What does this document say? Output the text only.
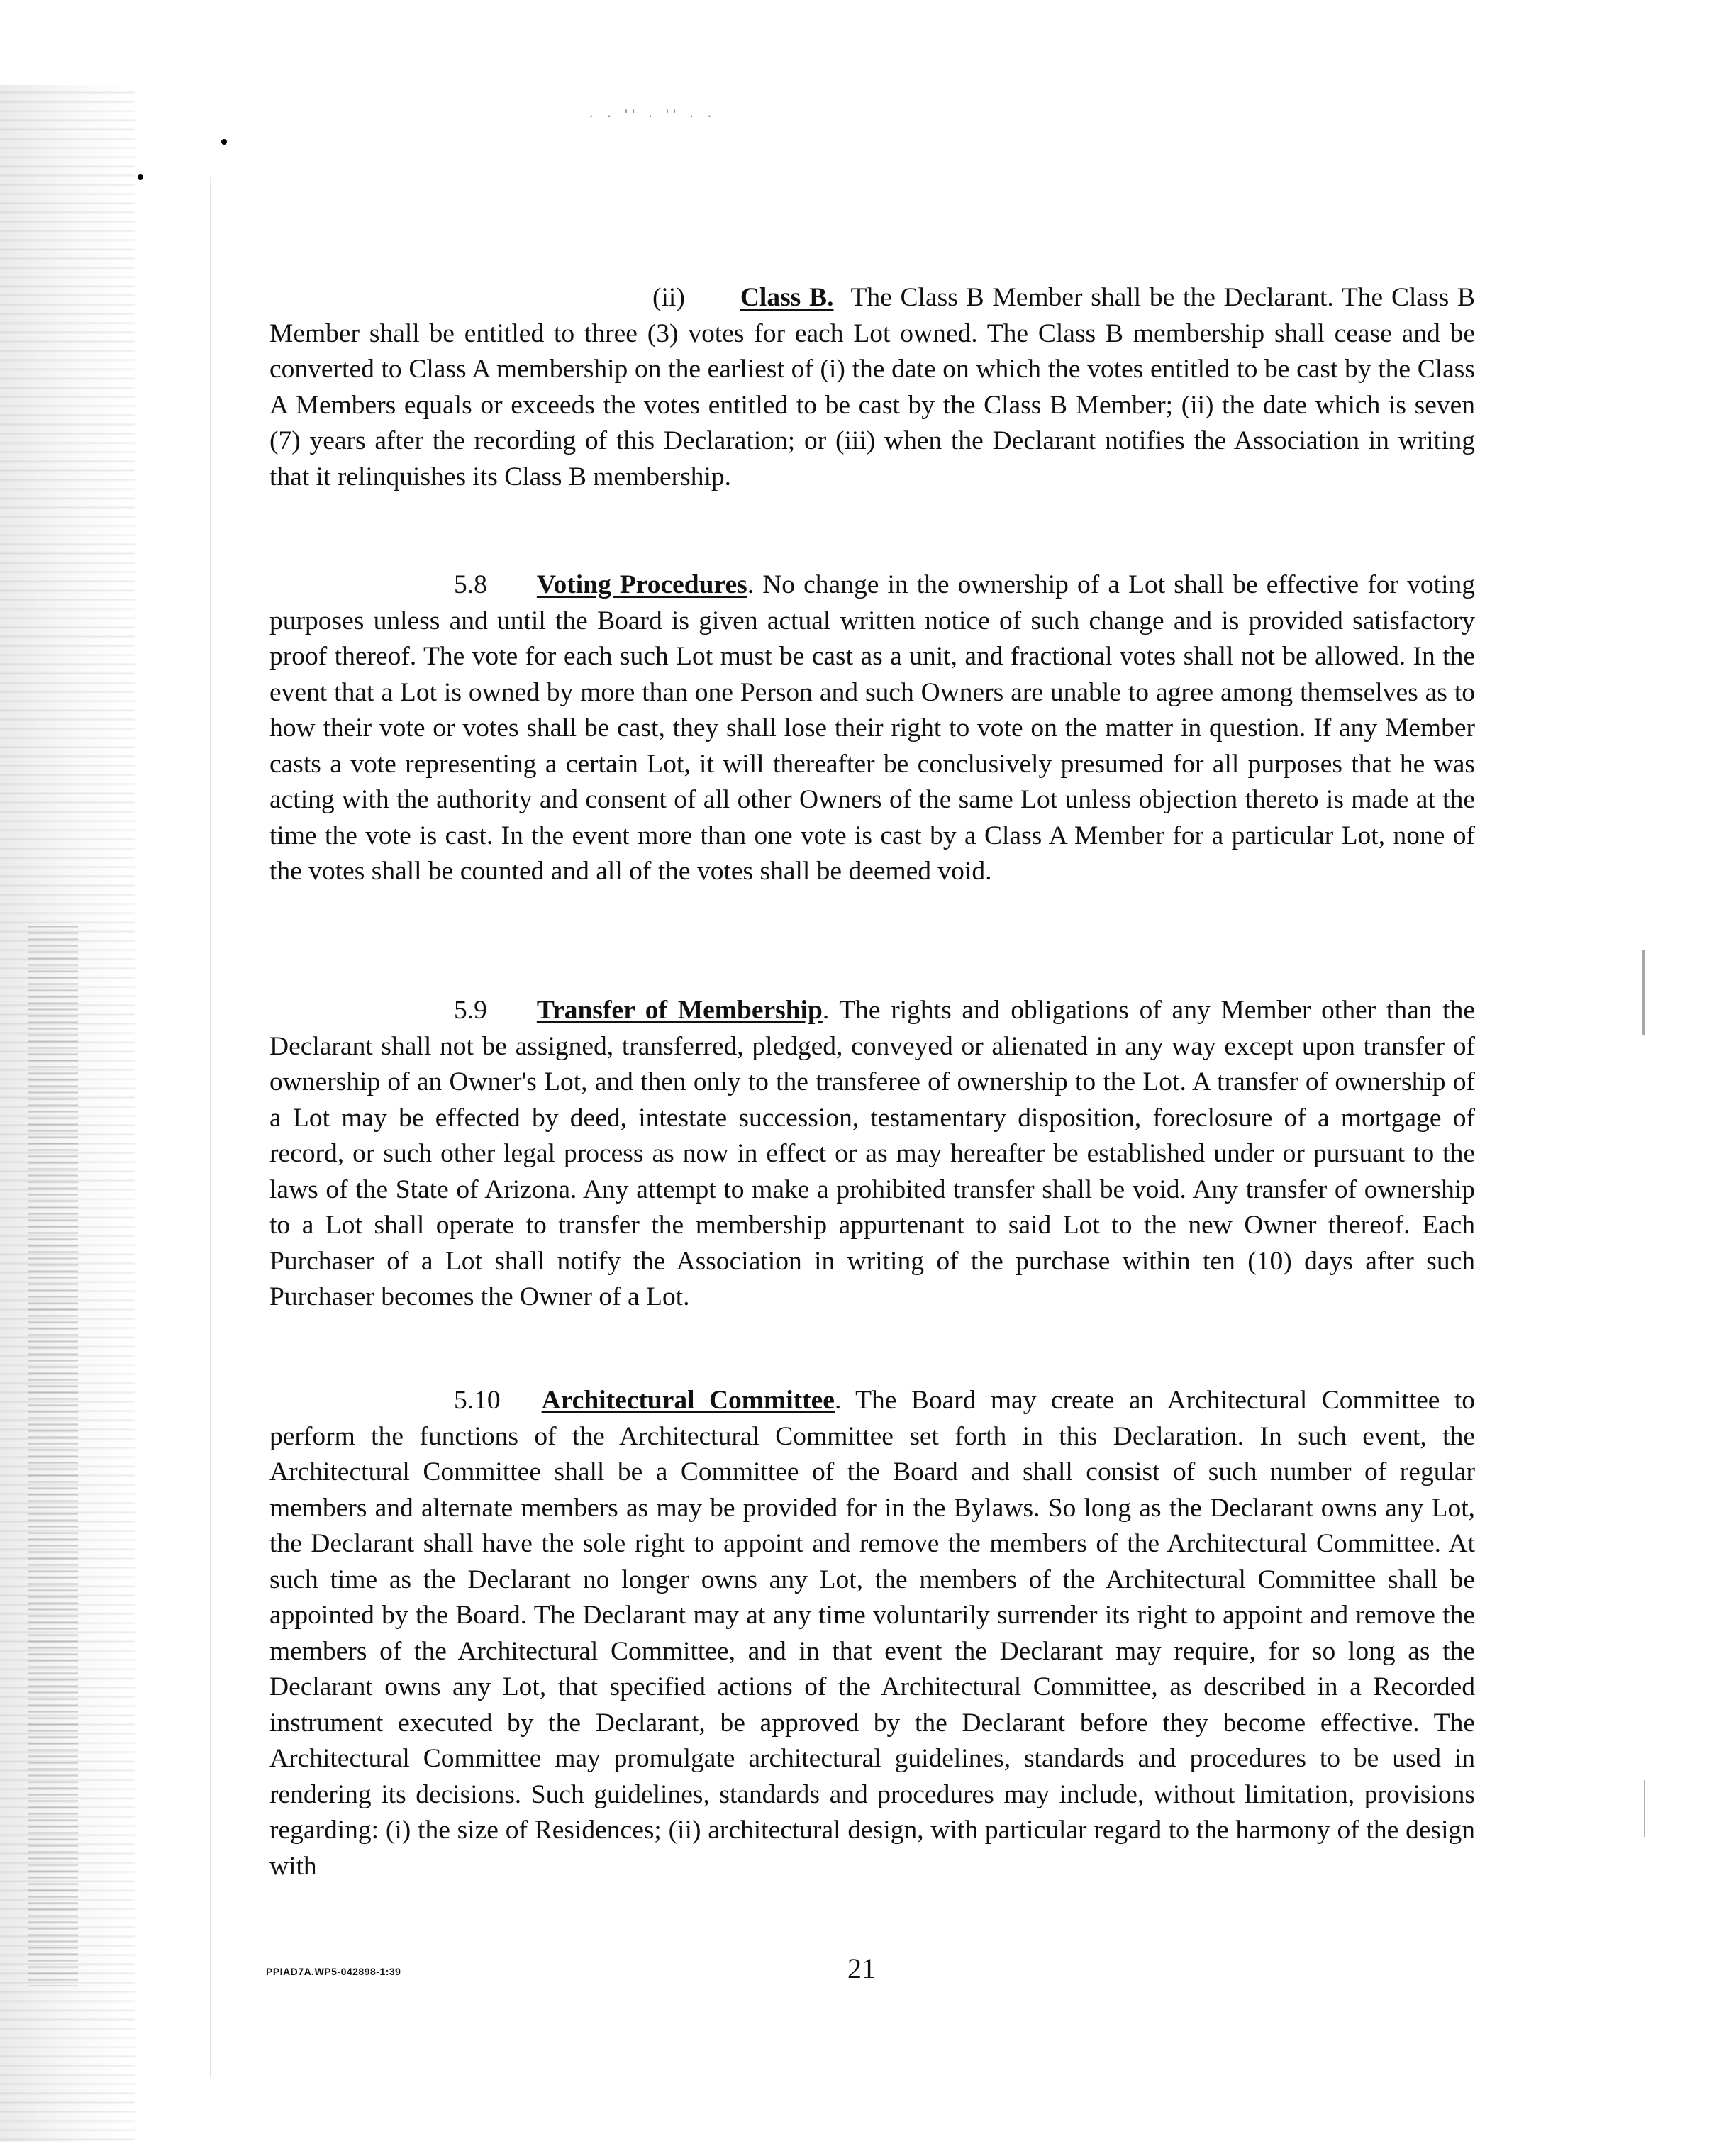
· · '' · '' · ·

(ii) Class B. The Class B Member shall be the Declarant. The Class B Member shall be entitled to three (3) votes for each Lot owned. The Class B membership shall cease and be converted to Class A membership on the earliest of (i) the date on which the votes entitled to be cast by the Class A Members equals or exceeds the votes entitled to be cast by the Class B Member; (ii) the date which is seven (7) years after the recording of this Declaration; or (iii) when the Declarant notifies the Association in writing that it relinquishes its Class B membership.

5.8 Voting Procedures. No change in the ownership of a Lot shall be effective for voting purposes unless and until the Board is given actual written notice of such change and is provided satisfactory proof thereof. The vote for each such Lot must be cast as a unit, and fractional votes shall not be allowed. In the event that a Lot is owned by more than one Person and such Owners are unable to agree among themselves as to how their vote or votes shall be cast, they shall lose their right to vote on the matter in question. If any Member casts a vote representing a certain Lot, it will thereafter be conclusively presumed for all purposes that he was acting with the authority and consent of all other Owners of the same Lot unless objection thereto is made at the time the vote is cast. In the event more than one vote is cast by a Class A Member for a particular Lot, none of the votes shall be counted and all of the votes shall be deemed void.

5.9 Transfer of Membership. The rights and obligations of any Member other than the Declarant shall not be assigned, transferred, pledged, conveyed or alienated in any way except upon transfer of ownership of an Owner's Lot, and then only to the transferee of ownership to the Lot. A transfer of ownership of a Lot may be effected by deed, intestate succession, testamentary disposition, foreclosure of a mortgage of record, or such other legal process as now in effect or as may hereafter be established under or pursuant to the laws of the State of Arizona. Any attempt to make a prohibited transfer shall be void. Any transfer of ownership to a Lot shall operate to transfer the membership appurtenant to said Lot to the new Owner thereof. Each Purchaser of a Lot shall notify the Association in writing of the purchase within ten (10) days after such Purchaser becomes the Owner of a Lot.

5.10 Architectural Committee. The Board may create an Architectural Committee to perform the functions of the Architectural Committee set forth in this Declaration. In such event, the Architectural Committee shall be a Committee of the Board and shall consist of such number of regular members and alternate members as may be provided for in the Bylaws. So long as the Declarant owns any Lot, the Declarant shall have the sole right to appoint and remove the members of the Architectural Committee. At such time as the Declarant no longer owns any Lot, the members of the Architectural Committee shall be appointed by the Board. The Declarant may at any time voluntarily surrender its right to appoint and remove the members of the Architectural Committee, and in that event the Declarant may require, for so long as the Declarant owns any Lot, that specified actions of the Architectural Committee, as described in a Recorded instrument executed by the Declarant, be approved by the Declarant before they become effective. The Architectural Committee may promulgate architectural guidelines, standards and procedures to be used in rendering its decisions. Such guidelines, standards and procedures may include, without limitation, provisions regarding: (i) the size of Residences; (ii) architectural design, with particular regard to the harmony of the design with

PPIAD7A.WP5-042898-1:39	21
